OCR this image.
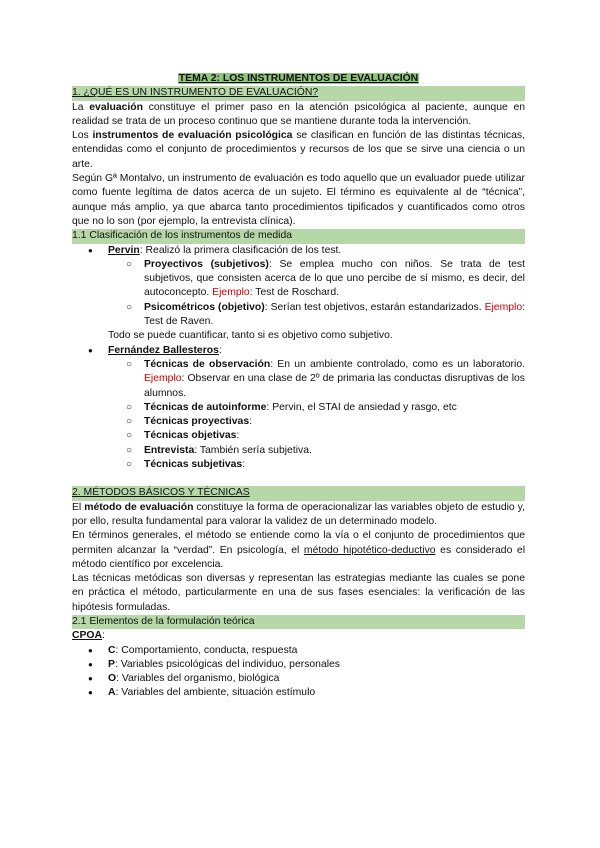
TEMA 2: LOS INSTRUMENTOS DE EVALUACIÓN

1. ¿QUÉ ES UN INSTRUMENTO DE EVALUACIÓN?

La evaluación constituye el primer paso en la atención psicológica al paciente, aunque en realidad se trata de un proceso continuo que se mantiene durante toda la intervención.

Los instrumentos de evaluación psicológica se clasifican en función de las distintas técnicas, entendidas como el conjunto de procedimientos y recursos de los que se sirve una ciencia o un arte.

Según Gª Montalvo, un instrumento de evaluación es todo aquello que un evaluador puede utilizar como fuente legítima de datos acerca de un sujeto. El término es equivalente al de “técnica”, aunque más amplio, ya que abarca tanto procedimientos tipificados y cuantificados como otros que no lo son (por ejemplo, la entrevista clínica).

1.1 Clasificación de los instrumentos de medida

● Pervin: Realizó la primera clasificación de los test.
○ Proyectivos (subjetivos): Se emplea mucho con niños. Se trata de test subjetivos, que consisten acerca de lo que uno percibe de sí mismo, es decir, del autoconcepto. Ejemplo: Test de Roschard.
○ Psicométricos (objetivo): Serían test objetivos, estarán estandarizados. Ejemplo: Test de Raven.

Todo se puede cuantificar, tanto si es objetivo como subjetivo.

● Fernández Ballesteros:
○ Técnicas de observación: En un ambiente controlado, como es un laboratorio. Ejemplo: Observar en una clase de 2º de primaria las conductas disruptivas de los alumnos.
○ Técnicas de autoinforme: Pervin, el STAI de ansiedad y rasgo, etc
○ Técnicas proyectivas:
○ Técnicas objetivas:
○ Entrevista: También sería subjetiva.
○ Técnicas subjetivas:

2. MÉTODOS BÁSICOS Y TÉCNICAS

El método de evaluación constituye la forma de operacionalizar las variables objeto de estudio y, por ello, resulta fundamental para valorar la validez de un determinado modelo.

En términos generales, el método se entiende como la vía o el conjunto de procedimientos que permiten alcanzar la “verdad”. En psicología, el método hipotético-deductivo es considerado el método científico por excelencia.

Las técnicas metódicas son diversas y representan las estrategias mediante las cuales se pone en práctica el método, particularmente en una de sus fases esenciales: la verificación de las hipótesis formuladas.

2.1 Elementos de la formulación teórica

CPOA:

● C: Comportamiento, conducta, respuesta
● P: Variables psicológicas del individuo, personales
● O: Variables del organismo, biológica
● A: Variables del ambiente, situación estímulo
